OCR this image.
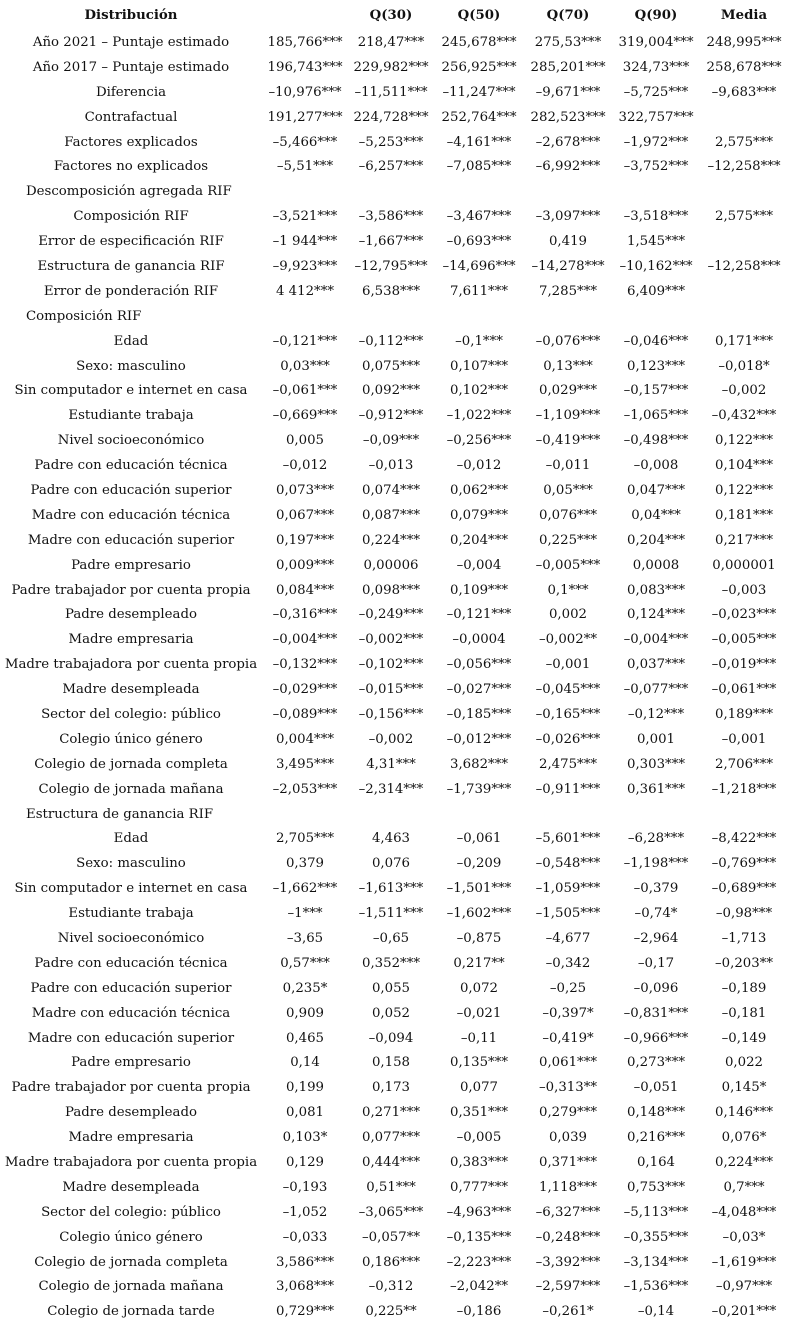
Distribución		Q(30)	Q(50)	Q(70)	Q(90)	Media
Año 2021 – Puntaje estimado	185,766***	218,47***	245,678***	275,53***	319,004***	248,995***
Año 2017 – Puntaje estimado	196,743***	229,982***	256,925***	285,201***	324,73***	258,678***
Diferencia	–10,976***	–11,511***	–11,247***	–9,671***	–5,725***	–9,683***
Contrafactual	191,277***	224,728***	252,764***	282,523***	322,757***	
Factores explicados	–5,466***	–5,253***	–4,161***	–2,678***	–1,972***	2,575***
Factores no explicados	–5,51***	–6,257***	–7,085***	–6,992***	–3,752***	–12,258***
Descomposición agregada RIF						
Composición RIF	–3,521***	–3,586***	–3,467***	–3,097***	–3,518***	2,575***
Error de especificación RIF	–1 944***	–1,667***	–0,693***	0,419	1,545***	
Estructura de ganancia RIF	–9,923***	–12,795***	–14,696***	–14,278***	–10,162***	–12,258***
Error de ponderación RIF	4 412***	6,538***	7,611***	7,285***	6,409***	
Composición RIF						
Edad	–0,121***	–0,112***	–0,1***	–0,076***	–0,046***	0,171***
Sexo: masculino	0,03***	0,075***	0,107***	0,13***	0,123***	–0,018*
Sin computador e internet en casa	–0,061***	0,092***	0,102***	0,029***	–0,157***	–0,002
Estudiante trabaja	–0,669***	–0,912***	–1,022***	–1,109***	–1,065***	–0,432***
Nivel socioeconómico	0,005	–0,09***	–0,256***	–0,419***	–0,498***	0,122***
Padre con educación técnica	–0,012	–0,013	–0,012	–0,011	–0,008	0,104***
Padre con educación superior	0,073***	0,074***	0,062***	0,05***	0,047***	0,122***
Madre con educación técnica	0,067***	0,087***	0,079***	0,076***	0,04***	0,181***
Madre con educación superior	0,197***	0,224***	0,204***	0,225***	0,204***	0,217***
Padre empresario	0,009***	0,00006	–0,004	–0,005***	0,0008	0,000001
Padre trabajador por cuenta propia	0,084***	0,098***	0,109***	0,1***	0,083***	–0,003
Padre desempleado	–0,316***	–0,249***	–0,121***	0,002	0,124***	–0,023***
Madre empresaria	–0,004***	–0,002***	–0,0004	–0,002**	–0,004***	–0,005***
Madre trabajadora por cuenta propia	–0,132***	–0,102***	–0,056***	–0,001	0,037***	–0,019***
Madre desempleada	–0,029***	–0,015***	–0,027***	–0,045***	–0,077***	–0,061***
Sector del colegio: público	–0,089***	–0,156***	–0,185***	–0,165***	–0,12***	0,189***
Colegio único género	0,004***	–0,002	–0,012***	–0,026***	0,001	–0,001
Colegio de jornada completa	3,495***	4,31***	3,682***	2,475***	0,303***	2,706***
Colegio de jornada mañana	–2,053***	–2,314***	–1,739***	–0,911***	0,361***	–1,218***
Estructura de ganancia RIF						
Edad	2,705***	4,463	–0,061	–5,601***	–6,28***	–8,422***
Sexo: masculino	0,379	0,076	–0,209	–0,548***	–1,198***	–0,769***
Sin computador e internet en casa	–1,662***	–1,613***	–1,501***	–1,059***	–0,379	–0,689***
Estudiante trabaja	–1***	–1,511***	–1,602***	–1,505***	–0,74*	–0,98***
Nivel socioeconómico	–3,65	–0,65	–0,875	–4,677	–2,964	–1,713
Padre con educación técnica	0,57***	0,352***	0,217**	–0,342	–0,17	–0,203**
Padre con educación superior	0,235*	0,055	0,072	–0,25	–0,096	–0,189
Madre con educación técnica	0,909	0,052	–0,021	–0,397*	–0,831***	–0,181
Madre con educación superior	0,465	–0,094	–0,11	–0,419*	–0,966***	–0,149
Padre empresario	0,14	0,158	0,135***	0,061***	0,273***	0,022
Padre trabajador por cuenta propia	0,199	0,173	0,077	–0,313**	–0,051	0,145*
Padre desempleado	0,081	0,271***	0,351***	0,279***	0,148***	0,146***
Madre empresaria	0,103*	0,077***	–0,005	0,039	0,216***	0,076*
Madre trabajadora por cuenta propia	0,129	0,444***	0,383***	0,371***	0,164	0,224***
Madre desempleada	–0,193	0,51***	0,777***	1,118***	0,753***	0,7***
Sector del colegio: público	–1,052	–3,065***	–4,963***	–6,327***	–5,113***	–4,048***
Colegio único género	–0,033	–0,057**	–0,135***	–0,248***	–0,355***	–0,03*
Colegio de jornada completa	3,586***	0,186***	–2,223***	–3,392***	–3,134***	–1,619***
Colegio de jornada mañana	3,068***	–0,312	–2,042**	–2,597***	–1,536***	–0,97***
Colegio de jornada tarde	0,729***	0,225**	–0,186	–0,261*	–0,14	–0,201***
